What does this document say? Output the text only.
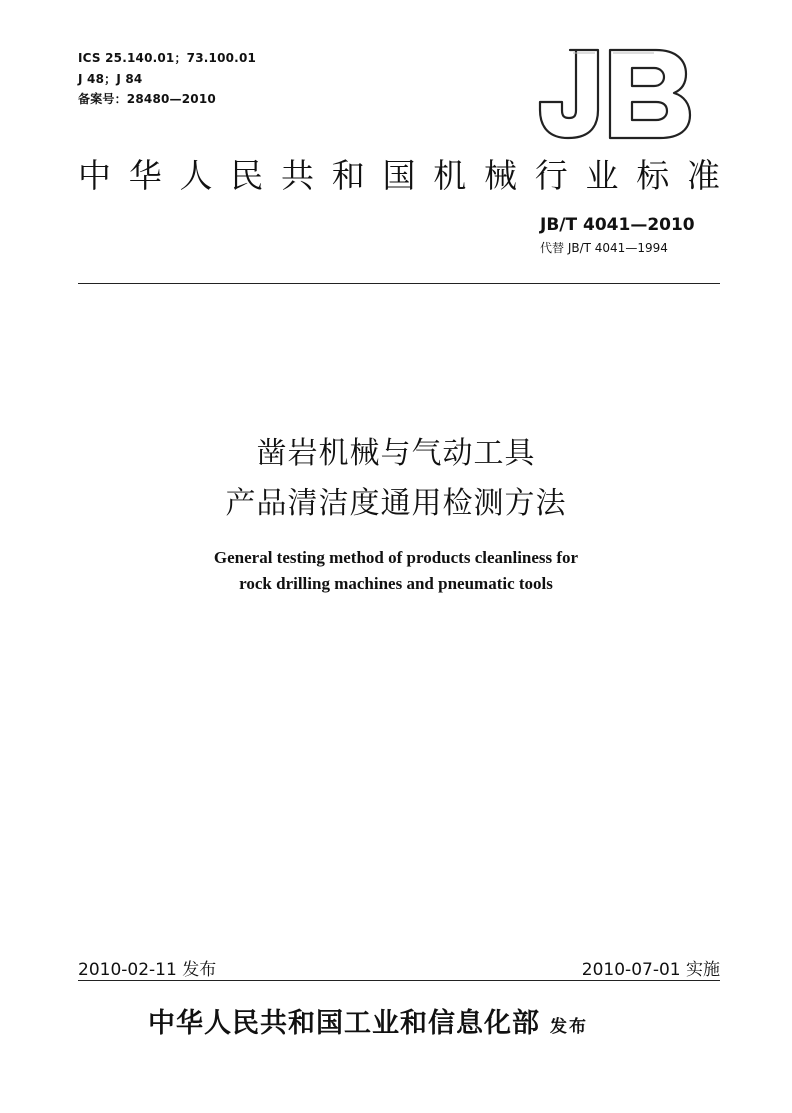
ICS 25.140.01；73.100.01
J 48；J 84
备案号：28480—2010
中 华 人 民 共 和 国 机 械 行 业 标 准
JB/T 4041—2010
代替 JB/T 4041—1994
凿岩机械与气动工具
产品清洁度通用检测方法
General testing method of products cleanliness for
rock drilling machines and pneumatic tools
2010-02-11 发布	2010-07-01 实施
中华人民共和国工业和信息化部 发布
